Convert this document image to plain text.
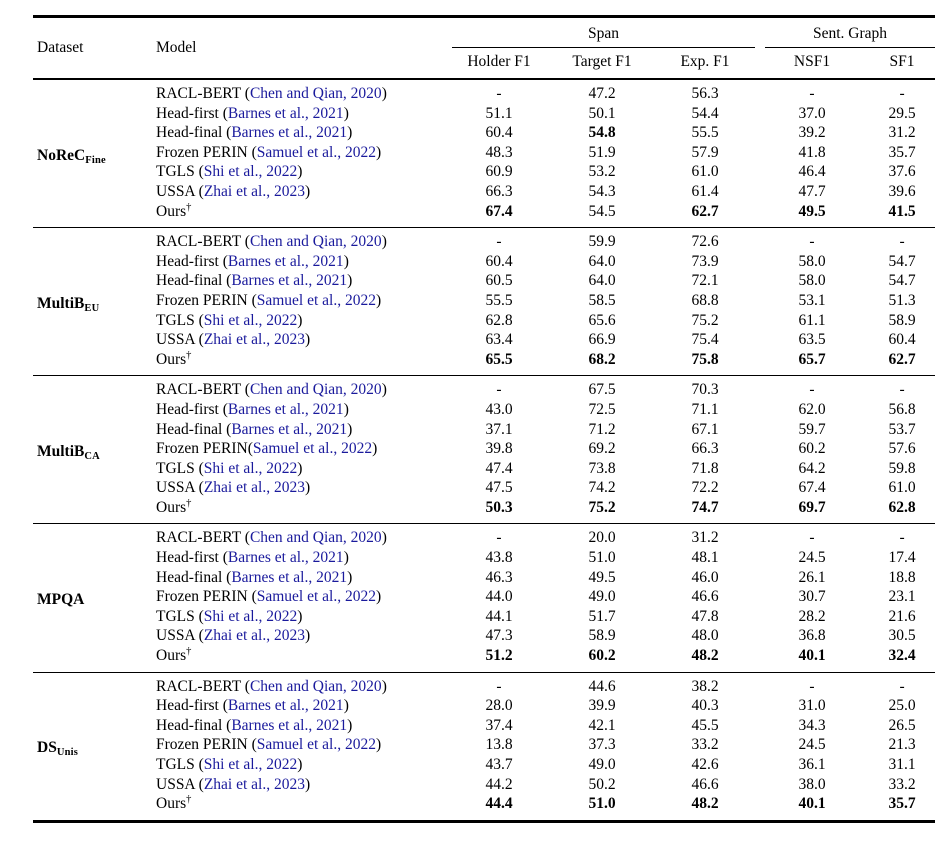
Dataset	Model	Span			Sent. Graph	

		Holder F1	Target F1	Exp. F1	NSF1	SF1
NoReC$_{Fine}$	RACL-BERT (Chen and Qian, 2020)	-	47.2	56.3	-	-
	Head-first (Barnes et al., 2021)	51.1	50.1	54.4	37.0	29.5
	Head-final (Barnes et al., 2021)	60.4	54.8	55.5	39.2	31.2
	Frozen PERIN (Samuel et al., 2022)	48.3	51.9	57.9	41.8	35.7
	TGLS (Shi et al., 2022)	60.9	53.2	61.0	46.4	37.6
	USSA (Zhai et al., 2023)	66.3	54.3	61.4	47.7	39.6
	Ours†	67.4	54.5	62.7	49.5	41.5
MultiB$_{EU}$	RACL-BERT (Chen and Qian, 2020)	-	59.9	72.6	-	-
	Head-first (Barnes et al., 2021)	60.4	64.0	73.9	58.0	54.7
	Head-final (Barnes et al., 2021)	60.5	64.0	72.1	58.0	54.7
	Frozen PERIN (Samuel et al., 2022)	55.5	58.5	68.8	53.1	51.3
	TGLS (Shi et al., 2022)	62.8	65.6	75.2	61.1	58.9
	USSA (Zhai et al., 2023)	63.4	66.9	75.4	63.5	60.4
	Ours†	65.5	68.2	75.8	65.7	62.7
MultiB$_{CA}$	RACL-BERT (Chen and Qian, 2020)	-	67.5	70.3	-	-
	Head-first (Barnes et al., 2021)	43.0	72.5	71.1	62.0	56.8
	Head-final (Barnes et al., 2021)	37.1	71.2	67.1	59.7	53.7
	Frozen PERIN(Samuel et al., 2022)	39.8	69.2	66.3	60.2	57.6
	TGLS (Shi et al., 2022)	47.4	73.8	71.8	64.2	59.8
	USSA (Zhai et al., 2023)	47.5	74.2	72.2	67.4	61.0
	Ours†	50.3	75.2	74.7	69.7	62.8
MPQA	RACL-BERT (Chen and Qian, 2020)	-	20.0	31.2	-	-
	Head-first (Barnes et al., 2021)	43.8	51.0	48.1	24.5	17.4
	Head-final (Barnes et al., 2021)	46.3	49.5	46.0	26.1	18.8
	Frozen PERIN (Samuel et al., 2022)	44.0	49.0	46.6	30.7	23.1
	TGLS (Shi et al., 2022)	44.1	51.7	47.8	28.2	21.6
	USSA (Zhai et al., 2023)	47.3	58.9	48.0	36.8	30.5
	Ours†	51.2	60.2	48.2	40.1	32.4
$DS_{Unis}$	RACL-BERT (Chen and Qian, 2020)	-	44.6	38.2	-	-
	Head-first (Barnes et al., 2021)	28.0	39.9	40.3	31.0	25.0
	Head-final (Barnes et al., 2021)	37.4	42.1	45.5	34.3	26.5
	Frozen PERIN (Samuel et al., 2022)	13.8	37.3	33.2	24.5	21.3
	TGLS (Shi et al., 2022)	43.7	49.0	42.6	36.1	31.1
	USSA (Zhai et al., 2023)	44.2	50.2	46.6	38.0	33.2
	Ours†	44.4	51.0	48.2	40.1	35.7
